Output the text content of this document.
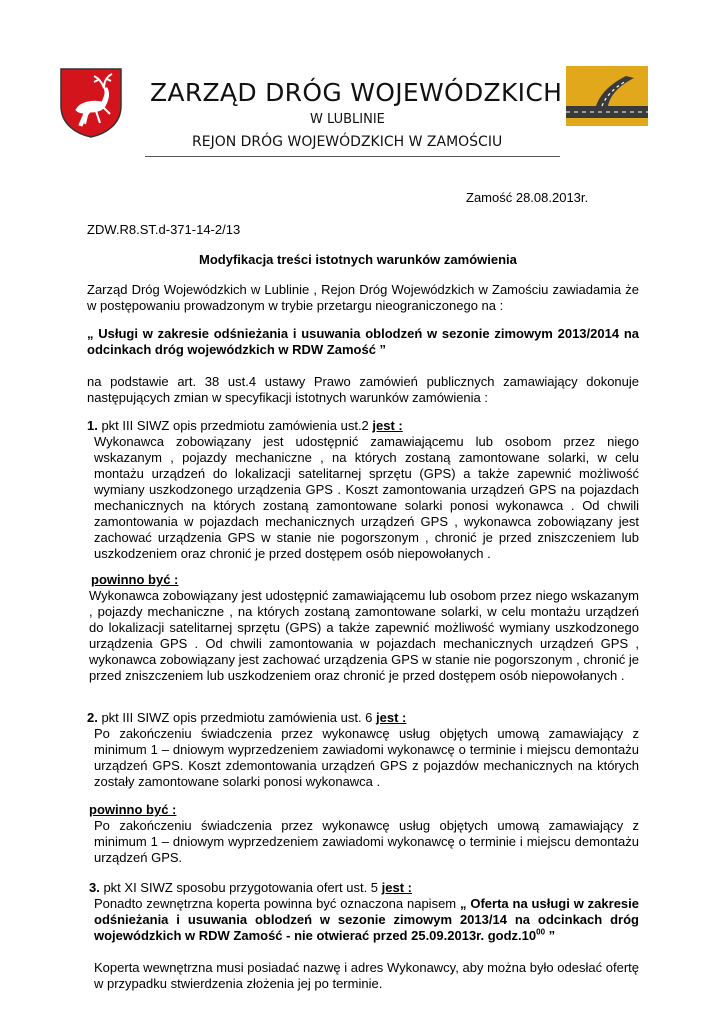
ZARZĄD DRÓG WOJEWÓDZKICH
W LUBLINIE
REJON DRÓG WOJEWÓDZKICH W ZAMOŚCIU
Zamość 28.08.2013r.
ZDW.R8.ST.d-371-14-2/13
Modyfikacja treści istotnych warunków zamówienia
Zarząd Dróg Wojewódzkich w Lublinie , Rejon Dróg Wojewódzkich w Zamościu zawiadamia że w postępowaniu prowadzonym w trybie przetargu nieograniczonego na :
„ Usługi w zakresie odśnieżania i usuwania oblodzeń w sezonie zimowym 2013/2014 na odcinkach dróg wojewódzkich w RDW Zamość ”
na podstawie art. 38 ust.4 ustawy Prawo zamówień publicznych zamawiający dokonuje następujących zmian w specyfikacji istotnych warunków zamówienia :
1. pkt III SIWZ opis przedmiotu zamówienia ust.2 jest :
Wykonawca zobowiązany jest udostępnić zamawiającemu lub osobom przez niego wskazanym , pojazdy mechaniczne , na których zostaną zamontowane solarki, w celu montażu urządzeń do lokalizacji satelitarnej sprzętu (GPS) a także zapewnić możliwość wymiany uszkodzonego urządzenia GPS . Koszt zamontowania urządzeń GPS na pojazdach mechanicznych na których zostaną zamontowane solarki ponosi wykonawca . Od chwili zamontowania w pojazdach mechanicznych urządzeń GPS , wykonawca zobowiązany jest zachować urządzenia GPS w stanie nie pogorszonym , chronić je przed zniszczeniem lub uszkodzeniem oraz chronić je przed dostępem osób niepowołanych .
powinno być :
Wykonawca zobowiązany jest udostępnić zamawiającemu lub osobom przez niego wskazanym , pojazdy mechaniczne , na których zostaną zamontowane solarki, w celu montażu urządzeń do lokalizacji satelitarnej sprzętu (GPS) a także zapewnić możliwość wymiany uszkodzonego urządzenia GPS . Od chwili zamontowania w pojazdach mechanicznych urządzeń GPS , wykonawca zobowiązany jest zachować urządzenia GPS w stanie nie pogorszonym , chronić je przed zniszczeniem lub uszkodzeniem oraz chronić je przed dostępem osób niepowołanych .
2. pkt III SIWZ opis przedmiotu zamówienia ust. 6 jest :
Po zakończeniu świadczenia przez wykonawcę usług objętych umową zamawiający z minimum 1 – dniowym wyprzedzeniem zawiadomi wykonawcę o terminie i miejscu demontażu urządzeń GPS. Koszt zdemontowania urządzeń GPS z pojazdów mechanicznych na których zostały zamontowane solarki ponosi wykonawca .
powinno być :
Po zakończeniu świadczenia przez wykonawcę usług objętych umową zamawiający z minimum 1 – dniowym wyprzedzeniem zawiadomi wykonawcę o terminie i miejscu demontażu urządzeń GPS.
3. pkt XI SIWZ sposobu przygotowania ofert ust. 5 jest :
Ponadto zewnętrzna koperta powinna być oznaczona napisem „ Oferta na usługi w zakresie odśnieżania i usuwania oblodzeń w sezonie zimowym 2013/14 na odcinkach dróg wojewódzkich w RDW Zamość - nie otwierać przed 25.09.2013r. $godz.10^{00}$ ”
Koperta wewnętrzna musi posiadać nazwę i adres Wykonawcy, aby można było odesłać ofertę w przypadku stwierdzenia złożenia jej po terminie.
